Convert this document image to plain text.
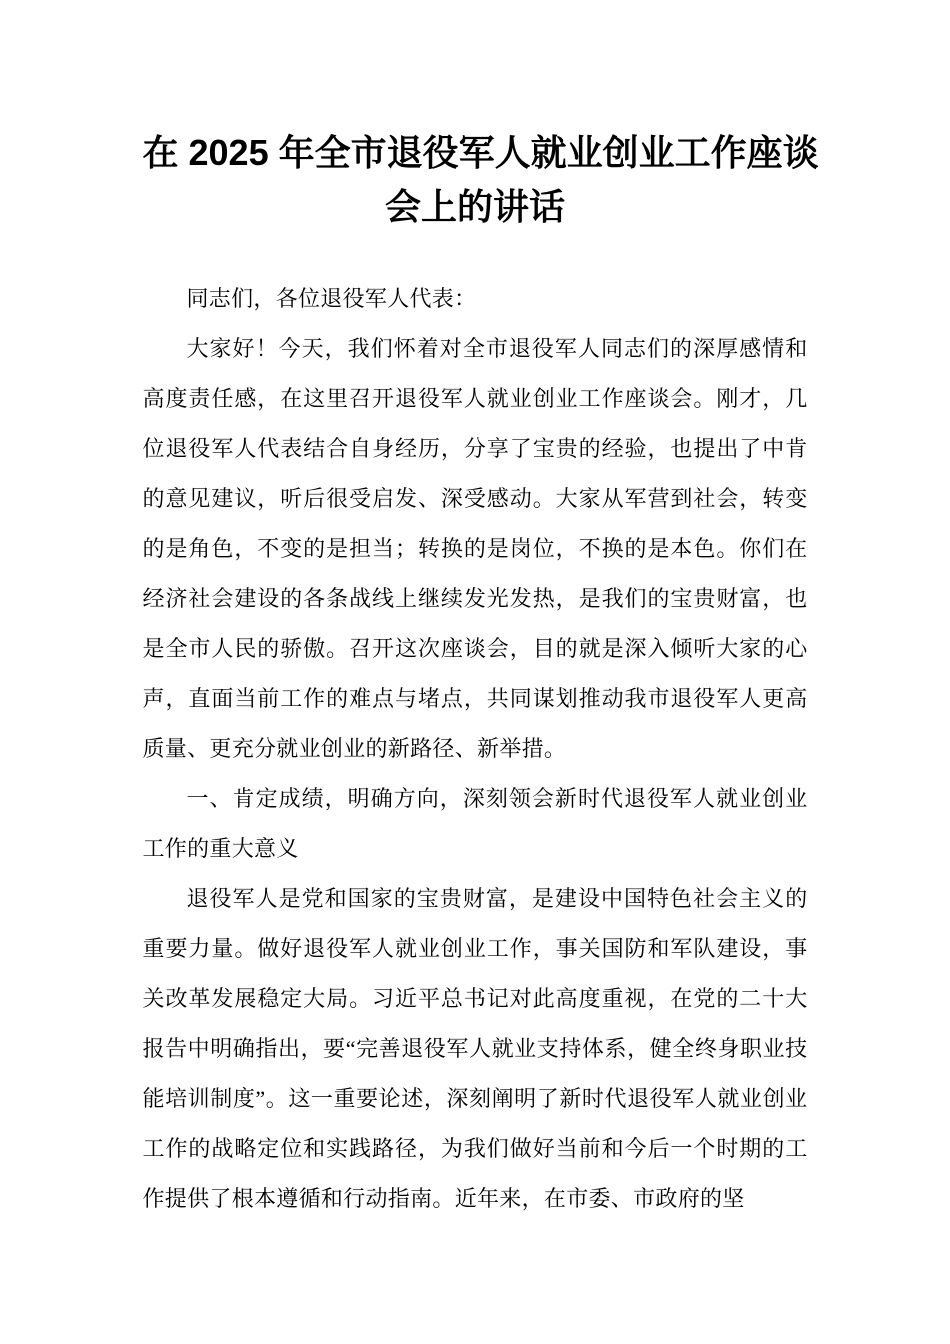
在 2025 年全市退役军人就业创业工作座谈
会上的讲话

同志们，各位退役军人代表：

大家好！今天，我们怀着对全市退役军人同志们的深厚感情和高度责任感，在这里召开退役军人就业创业工作座谈会。刚才，几位退役军人代表结合自身经历，分享了宝贵的经验，也提出了中肯的意见建议，听后很受启发、深受感动。大家从军营到社会，转变的是角色，不变的是担当；转换的是岗位，不换的是本色。你们在经济社会建设的各条战线上继续发光发热，是我们的宝贵财富，也是全市人民的骄傲。召开这次座谈会，目的就是深入倾听大家的心声，直面当前工作的难点与堵点，共同谋划推动我市退役军人更高质量、更充分就业创业的新路径、新举措。

一、肯定成绩，明确方向，深刻领会新时代退役军人就业创业工作的重大意义

退役军人是党和国家的宝贵财富，是建设中国特色社会主义的重要力量。做好退役军人就业创业工作，事关国防和军队建设，事关改革发展稳定大局。习近平总书记对此高度重视，在党的二十大报告中明确指出，要“完善退役军人就业支持体系，健全终身职业技能培训制度”。这一重要论述，深刻阐明了新时代退役军人就业创业工作的战略定位和实践路径，为我们做好当前和今后一个时期的工作提供了根本遵循和行动指南。近年来，在市委、市政府的坚
